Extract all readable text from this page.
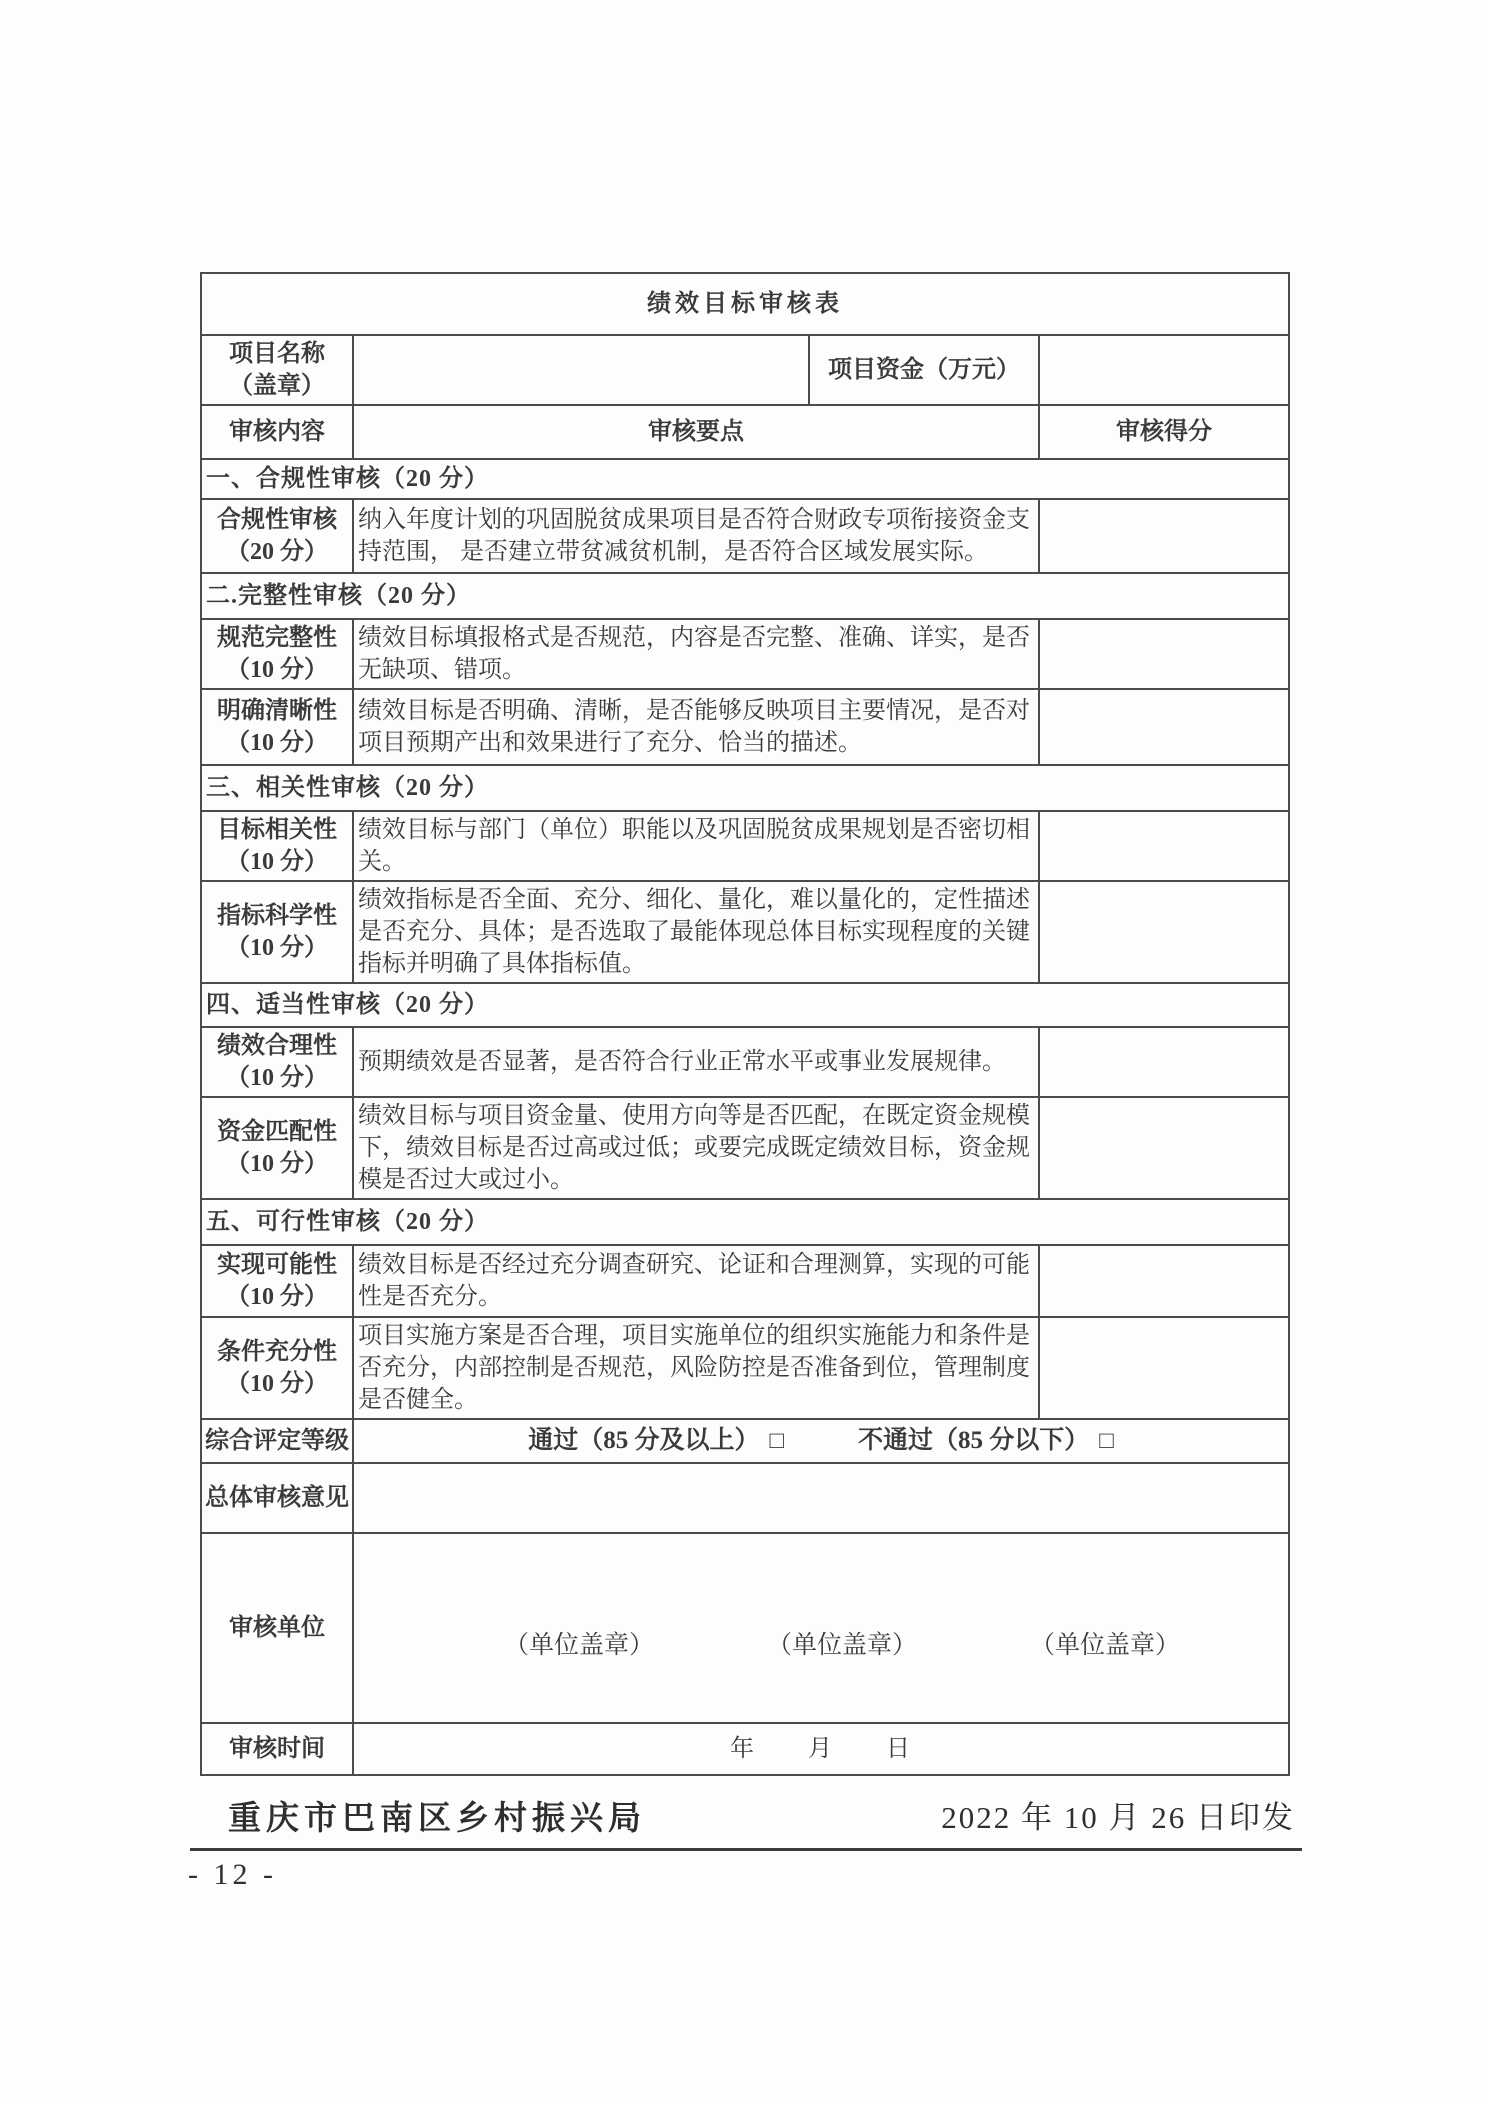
绩效目标审核表			

项目名称
（盖章）		项目资金（万元）	
审核内容	审核要点		审核得分
一、合规性审核（20 分）			

合规性审核
（20 分）	纳入年度计划的巩固脱贫成果项目是否符合财政专项衔接资金支持范围， 是否建立带贫减贫机制，是否符合区域发展实际。		
二.完整性审核（20 分）			

规范完整性
（10 分）	绩效目标填报格式是否规范，内容是否完整、准确、详实，是否无缺项、错项。		

明确清晰性
（10 分）	绩效目标是否明确、清晰，是否能够反映项目主要情况，是否对项目预期产出和效果进行了充分、恰当的描述。		
三、相关性审核（20 分）			

目标相关性
（10 分）	绩效目标与部门（单位）职能以及巩固脱贫成果规划是否密切相关。		

指标科学性
（10 分）	绩效指标是否全面、充分、细化、量化，难以量化的，定性描述是否充分、具体；是否选取了最能体现总体目标实现程度的关键指标并明确了具体指标值。		
四、适当性审核（20 分）			

绩效合理性
（10 分）	预期绩效是否显著，是否符合行业正常水平或事业发展规律。		

资金匹配性
（10 分）	绩效目标与项目资金量、使用方向等是否匹配，在既定资金规模下，绩效目标是否过高或过低；或要完成既定绩效目标，资金规模是否过大或过小。		
五、可行性审核（20 分）			

实现可能性
（10 分）	绩效目标是否经过充分调查研究、论证和合理测算，实现的可能性是否充分。		

条件充分性
（10 分）	项目实施方案是否合理，项目实施单位的组织实施能力和条件是否充分，内部控制是否规范，风险防控是否准备到位，管理制度是否健全。		
综合评定等级	通过（85 分及以上） □ 不通过（85 分以下） □		

总体审核意见			
审核单位	（单位盖章） （单位盖章） （单位盖章）		

审核时间	年　　月　　日		
重庆市巴南区乡村振兴局	2022 年 10 月 26 日印发
- 12 -
